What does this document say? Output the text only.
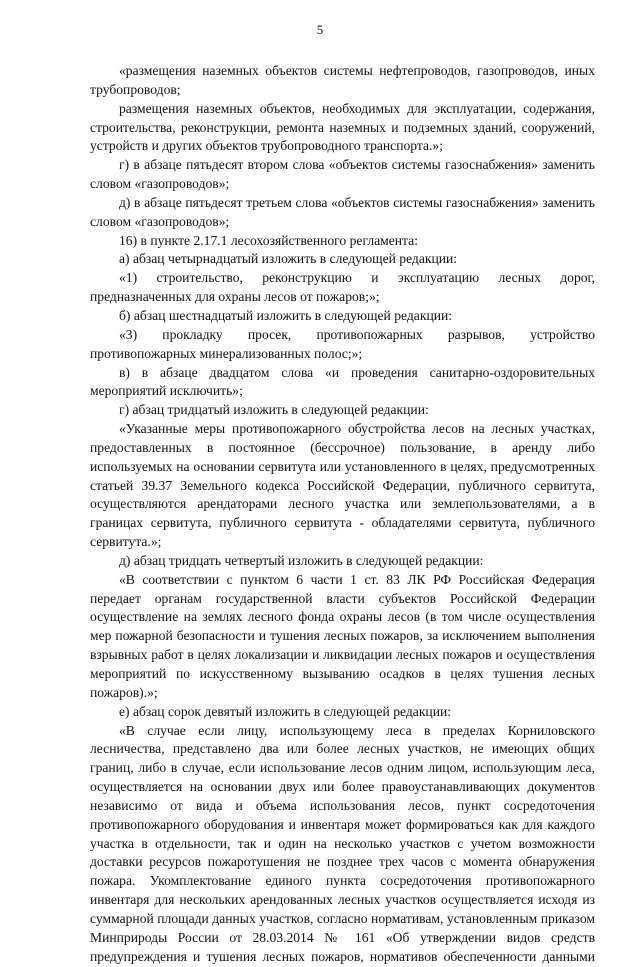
5

«размещения наземных объектов системы нефтепроводов, газопроводов, иных трубопроводов;

размещения наземных объектов, необходимых для эксплуатации, содержания, строительства, реконструкции, ремонта наземных и подземных зданий, сооружений, устройств и других объектов трубопроводного транспорта.»;

г) в абзаце пятьдесят втором слова «объектов системы газоснабжения» заменить словом «газопроводов»;

д) в абзаце пятьдесят третьем слова «объектов системы газоснабжения» заменить словом «газопроводов»;

16) в пункте 2.17.1 лесохозяйственного регламента:

а) абзац четырнадцатый изложить в следующей редакции:

«1) строительство, реконструкцию и эксплуатацию лесных дорог, предназначенных для охраны лесов от пожаров;»;

б) абзац шестнадцатый изложить в следующей редакции:

«3) прокладку просек, противопожарных разрывов, устройство противопожарных минерализованных полос;»;

в) в абзаце двадцатом слова «и проведения санитарно-оздоровительных мероприятий исключить»;

г) абзац тридцатый изложить в следующей редакции:

«Указанные меры противопожарного обустройства лесов на лесных участках, предоставленных в постоянное (бессрочное) пользование, в аренду либо используемых на основании сервитута или установленного в целях, предусмотренных статьей 39.37 Земельного кодекса Российской Федерации, публичного сервитута, осуществляются арендаторами лесного участка или землепользователями, а в границах сервитута, публичного сервитута - обладателями сервитута, публичного сервитута.»;

д) абзац тридцать четвертый изложить в следующей редакции:

«В соответствии с пунктом 6 части 1 ст. 83 ЛК РФ Российская Федерация передает органам государственной власти субъектов Российской Федерации осуществление на землях лесного фонда охраны лесов (в том числе осуществления мер пожарной безопасности и тушения лесных пожаров, за исключением выполнения взрывных работ в целях локализации и ликвидации лесных пожаров и осуществления мероприятий по искусственному вызыванию осадков в целях тушения лесных пожаров).»;

е) абзац сорок девятый изложить в следующей редакции:

«В случае если лицу, использующему леса в пределах Корниловского лесничества, представлено два или более лесных участков, не имеющих общих границ, либо в случае, если использование лесов одним лицом, использующим леса, осуществляется на основании двух или более правоустанавливающих документов независимо от вида и объема использования лесов, пункт сосредоточения противопожарного оборудования и инвентаря может формироваться как для каждого участка в отдельности, так и один на несколько участков с учетом возможности доставки ресурсов пожаротушения не позднее трех часов с момента обнаружения пожара. Укомплектование единого пункта сосредоточения противопожарного инвентаря для нескольких арендованных лесных участков осуществляется исходя из суммарной площади данных участков, согласно нормативам, установленным приказом Минприроды России от 28.03.2014 № 161 «Об утверждении видов средств предупреждения и тушения лесных пожаров, нормативов обеспеченности данными
